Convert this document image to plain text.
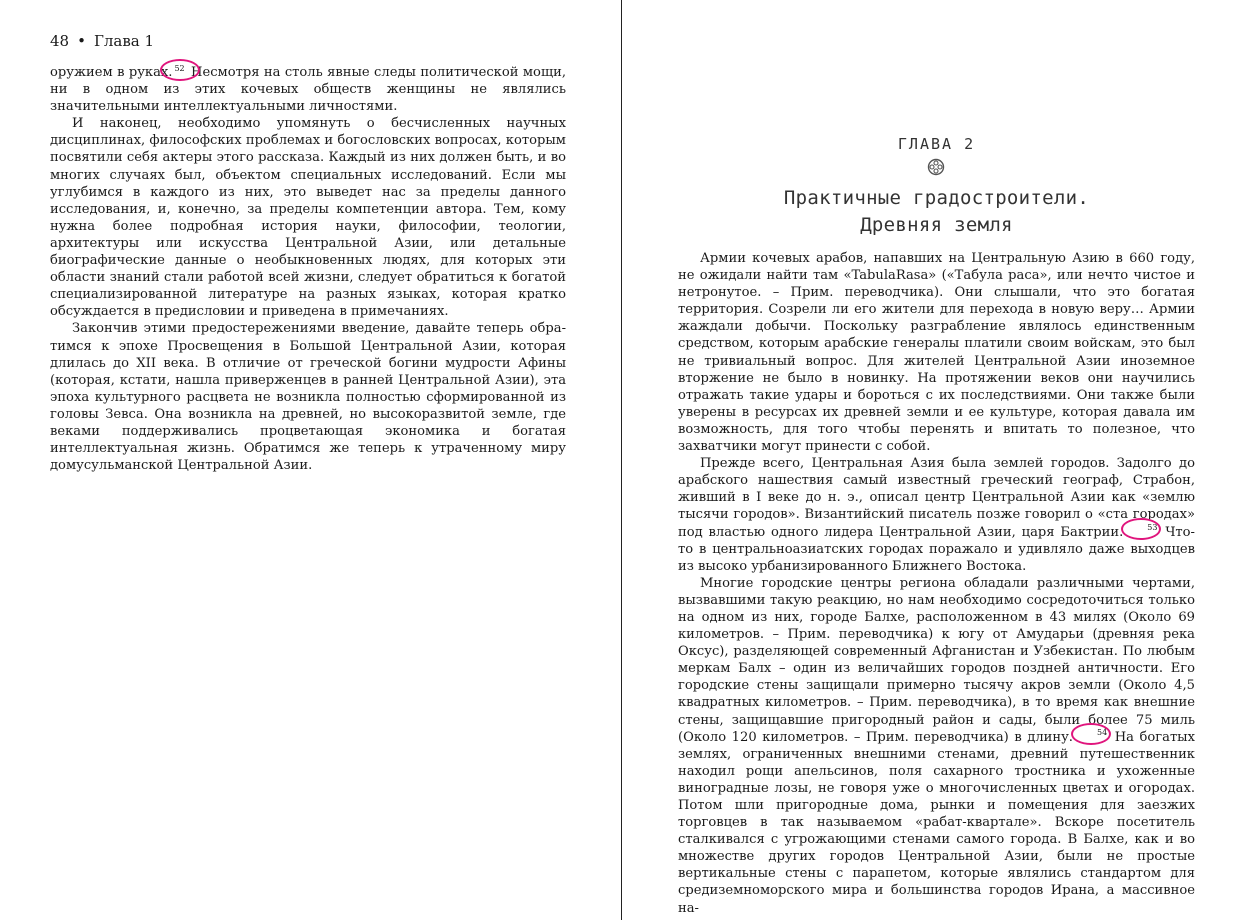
48 • Глава 1

оружием в руках. 52
Несмотря на столь явные следы политической мощи, ни в одном из этих кочевых обществ женщины не являлись значительными интеллектуальными личностями.

И наконец, необходимо упомянуть о бесчисленных научных дисциплинах, философских проблемах и богословских вопросах, которым посвятили себя актеры этого рассказа. Каждый из них должен быть, и во многих случаях был, объектом специальных исследований. Если мы углубимся в каждого из них, это выведет нас за пределы данного исследования, и, конечно, за пределы компетенции автора. Тем, кому нужна более подробная история науки, философии, теологии, архитектуры или искусства Центральной Азии, или детальные биографические данные о необыкновенных людях, для которых эти области знаний стали работой всей жизни, следует обратиться к богатой специализированной литературе на разных языках, которая кратко обсуждается в предисловии и приведена в примечаниях.

Закончив этими предостережениями введение, давайте теперь обратимся к эпохе Просвещения в Большой Центральной Азии, которая длилась до XII века. В отличие от греческой богини мудрости Афины (которая, кстати, нашла приверженцев в ранней Центральной Азии), эта эпоха культурного расцвета не возникла полностью сформированной из головы Зевса. Она возникла на древней, но высокоразвитой земле, где веками поддерживались процветающая экономика и богатая интеллектуальная жизнь. Обратимся же теперь к утраченному миру домусульманской Центральной Азии.

ГЛАВА 2
Практичные градостроители.
Древняя земля

Армии кочевых арабов, напавших на Центральную Азию в 660 году, не ожидали найти там «TabulaRasa» («Табула раса», или нечто чистое и нетронутое. – Прим. переводчика). Они слышали, что это богатая территория. Созрели ли его жители для перехода в новую веру… Армии жаждали добычи. Поскольку разграбление являлось единственным средством, которым арабские генералы платили своим войскам, это был не тривиальный вопрос. Для жителей Центральной Азии иноземное вторжение не было в новинку. На протяжении веков они научились отражать такие удары и бороться с их последствиями. Они также были уверены в ресурсах их древней земли и ее культуре, которая давала им возможность, для того чтобы перенять и впитать то полезное, что захватчики могут принести с собой.

Прежде всего, Центральная Азия была землей городов. Задолго до арабского нашествия самый известный греческий географ, Страбон, живший в I веке до н. э., описал центр Центральной Азии как «землю тысячи городов». Византийский писатель позже говорил о «ста городах» под властью одного лидера Центральной Азии, царя Бактрии.	53
Что-то в центральноазиатских городах поражало и удивляло даже выходцев из высоко урбанизированного Ближнего Востока.

Многие городские центры региона обладали различными чертами, вызвавшими такую реакцию, но нам необходимо сосредоточиться только на одном из них, городе Балхе, расположенном в 43 милях (Около 69 километров. – Прим. переводчика) к югу от Амударьи (древняя река Оксус), разделяющей современный Афганистан и Узбекистан. По любым меркам Балх – один из величайших городов поздней античности. Его городские стены защищали примерно тысячу акров земли (Около 4,5 квадратных километров. – Прим. переводчика), в то время как внешние стены, защищавшие пригородный район и сады, были более 75 миль (Около 120 километров. – Прим. переводчика) в длину.	54
На богатых землях, ограниченных внешними стенами, древний путешественник находил рощи апельсинов, поля сахарного тростника и ухоженные виноградные лозы, не говоря уже о многочисленных цветах и огородах. Потом шли пригородные дома, рынки и помещения для заезжих торговцев в так называемом «рабат-квартале». Вскоре посетитель сталкивался с угрожающими стенами самого города. В Балхе, как и во множестве других городов Центральной Азии, были не простые вертикальные стены с парапетом, которые являлись стандартом для средиземноморского мира и большинства городов Ирана, а массивное на-
